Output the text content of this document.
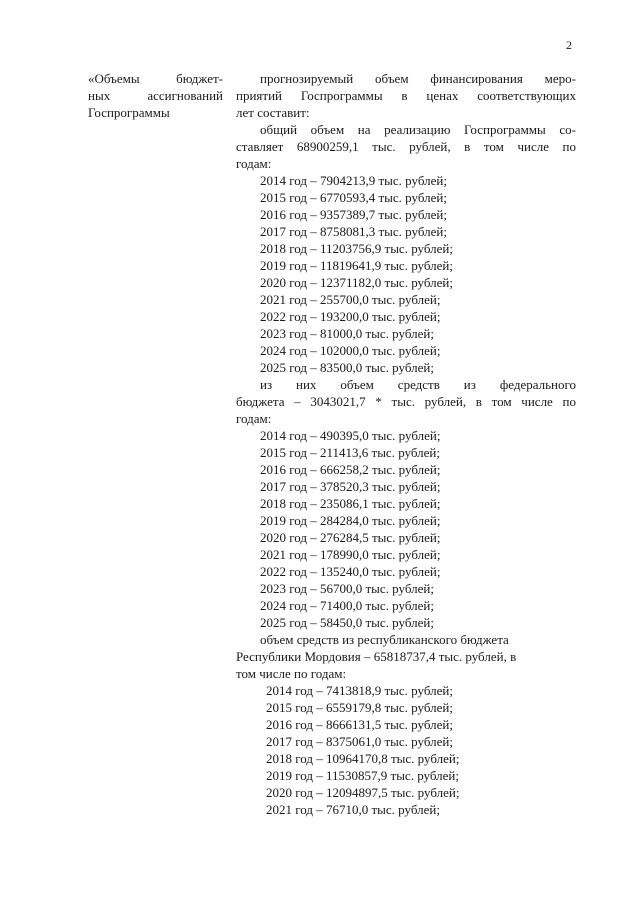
2
«Объемы бюджет-
ных ассигнований
Госпрограммы
прогнозируемый объем финансирования меро-
приятий Госпрограммы в ценах соответствующих
лет составит:
общий объем на реализацию Госпрограммы со-
ставляет 68900259,1 тыс. рублей, в том числе по
годам:
2014 год – 7904213,9 тыс. рублей;
2015 год – 6770593,4 тыс. рублей;
2016 год – 9357389,7 тыс. рублей;
2017 год – 8758081,3 тыс. рублей;
2018 год – 11203756,9 тыс. рублей;
2019 год – 11819641,9 тыс. рублей;
2020 год – 12371182,0 тыс. рублей;
2021 год – 255700,0 тыс. рублей;
2022 год – 193200,0 тыс. рублей;
2023 год – 81000,0 тыс. рублей;
2024 год – 102000,0 тыс. рублей;
2025 год – 83500,0 тыс. рублей;
из них объем средств из федерального
бюджета – 3043021,7 * тыс. рублей, в том числе по
годам:
2014 год – 490395,0 тыс. рублей;
2015 год – 211413,6 тыс. рублей;
2016 год – 666258,2 тыс. рублей;
2017 год – 378520,3 тыс. рублей;
2018 год – 235086,1 тыс. рублей;
2019 год – 284284,0 тыс. рублей;
2020 год – 276284,5 тыс. рублей;
2021 год – 178990,0 тыс. рублей;
2022 год – 135240,0 тыс. рублей;
2023 год – 56700,0 тыс. рублей;
2024 год – 71400,0 тыс. рублей;
2025 год – 58450,0 тыс. рублей;
объем средств из республиканского бюджета
Республики Мордовия – 65818737,4 тыс. рублей, в
том числе по годам:
2014 год – 7413818,9 тыс. рублей;
2015 год – 6559179,8 тыс. рублей;
2016 год – 8666131,5 тыс. рублей;
2017 год – 8375061,0 тыс. рублей;
2018 год – 10964170,8 тыс. рублей;
2019 год – 11530857,9 тыс. рублей;
2020 год – 12094897,5 тыс. рублей;
2021 год – 76710,0 тыс. рублей;
